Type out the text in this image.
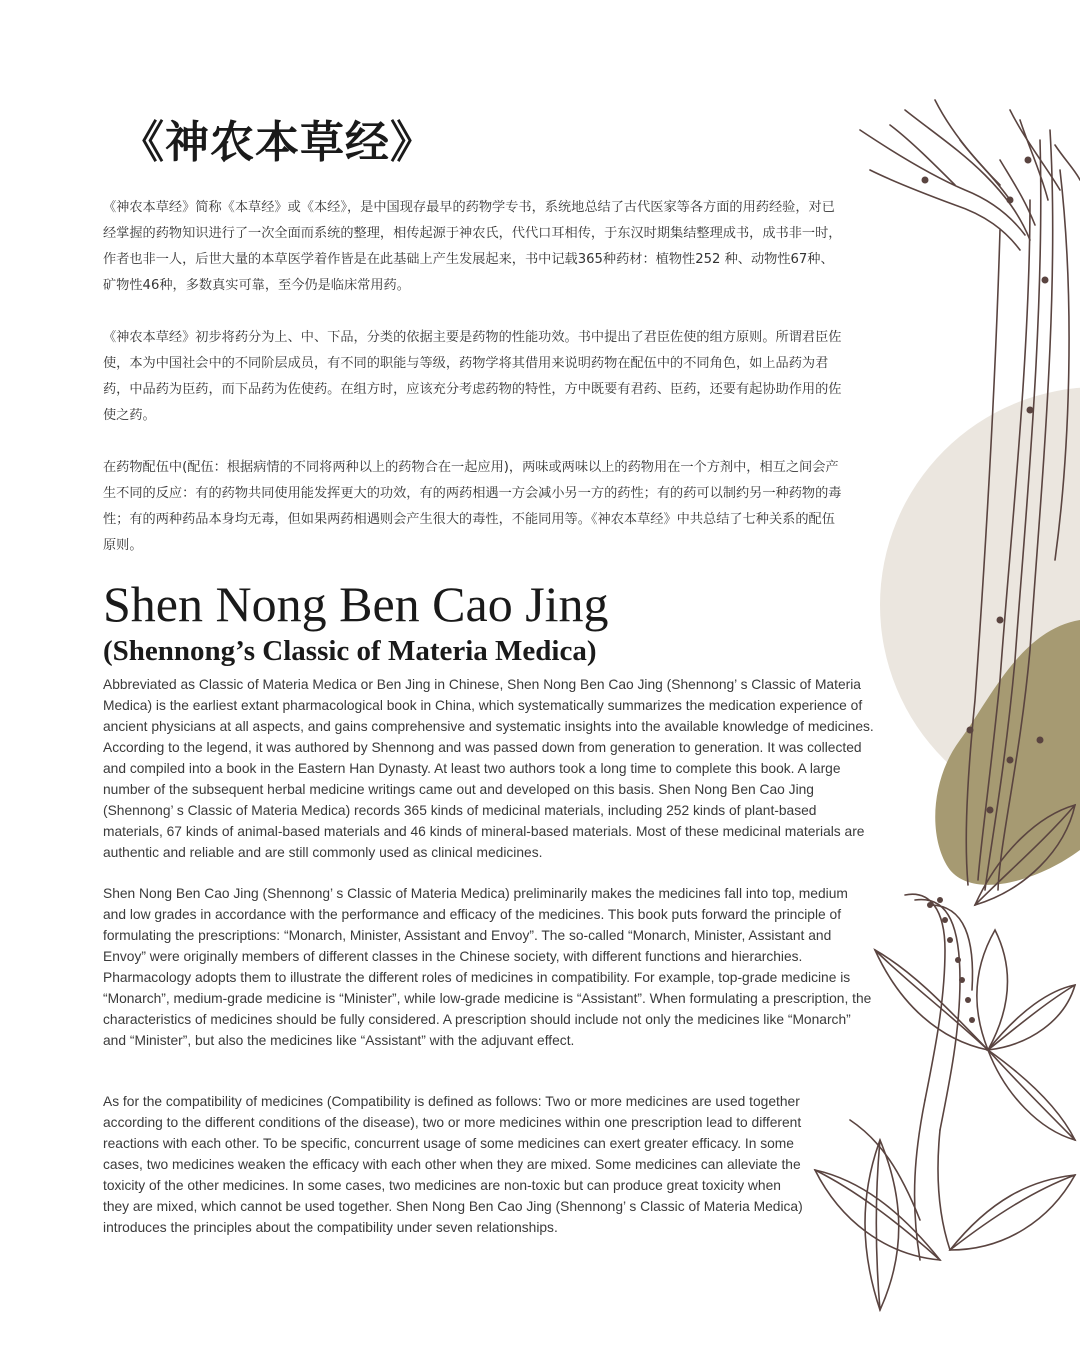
《神农本草经》

《神农本草经》简称《本草经》或《本经》，是中国现存最早的药物学专书，系统地总结了古代医家等各方面的用药经验，对已经掌握的药物知识进行了一次全面而系统的整理，相传起源于神农氏，代代口耳相传，于东汉时期集结整理成书，成书非一时，作者也非一人，后世大量的本草医学着作皆是在此基础上产生发展起来，书中记载365种药材：植物性252 种、动物性67种、矿物性46种，多数真实可靠，至今仍是临床常用药。

《神农本草经》初步将药分为上、中、下品，分类的依据主要是药物的性能功效。书中提出了君臣佐使的组方原则。所谓君臣佐使，本为中国社会中的不同阶层成员，有不同的职能与等级，药物学将其借用来说明药物在配伍中的不同角色，如上品药为君药，中品药为臣药，而下品药为佐使药。在组方时，应该充分考虑药物的特性，方中既要有君药、臣药，还要有起协助作用的佐使之药。

在药物配伍中(配伍：根据病情的不同将两种以上的药物合在一起应用)，两味或两味以上的药物用在一个方剂中，相互之间会产生不同的反应：有的药物共同使用能发挥更大的功效，有的两药相遇一方会减小另一方的药性；有的药可以制约另一种药物的毒性；有的两种药品本身均无毒，但如果两药相遇则会产生很大的毒性，不能同用等。《神农本草经》中共总结了七种关系的配伍原则。

Shen Nong Ben Cao Jing
(Shennong’s Classic of Materia Medica)

Abbreviated as Classic of Materia Medica or Ben Jing in Chinese, Shen Nong Ben Cao Jing (Shennong’ s Classic of Materia Medica) is the earliest extant pharmacological book in China, which systematically summarizes the medication experience of ancient physicians at all aspects, and gains comprehensive and systematic insights into the available knowledge of medicines. According to the legend, it was authored by Shennong and was passed down from generation to generation. It was collected and compiled into a book in the Eastern Han Dynasty. At least two authors took a long time to complete this book. A large number of the subsequent herbal medicine writings came out and developed on this basis. Shen Nong Ben Cao Jing (Shennong’ s Classic of Materia Medica) records 365 kinds of medicinal materials, including 252 kinds of plant-based materials, 67 kinds of animal-based materials and 46 kinds of mineral-based materials. Most of these medicinal materials are authentic and reliable and are still commonly used as clinical medicines.

Shen Nong Ben Cao Jing (Shennong’ s Classic of Materia Medica) preliminarily makes the medicines fall into top, medium and low grades in accordance with the performance and efficacy of the medicines. This book puts forward the principle of formulating the prescriptions: “Monarch, Minister, Assistant and Envoy”. The so-called “Monarch, Minister, Assistant and Envoy” were originally members of different classes in the Chinese society, with different functions and hierarchies. Pharmacology adopts them to illustrate the different roles of medicines in compatibility. For example, top-grade medicine is “Monarch”, medium-grade medicine is “Minister”, while low-grade medicine is “Assistant”. When formulating a prescription, the characteristics of medicines should be fully considered. A prescription should include not only the medicines like “Monarch” and “Minister”, but also the medicines like “Assistant” with the adjuvant effect.

As for the compatibility of medicines (Compatibility is defined as follows: Two or more medicines are used together according to the different conditions of the disease), two or more medicines within one prescription lead to different reactions with each other. To be specific, concurrent usage of some medicines can exert greater efficacy. In some cases, two medicines weaken the efficacy with each other when they are mixed. Some medicines can alleviate the toxicity of the other medicines. In some cases, two medicines are non-toxic but can produce great toxicity when they are mixed, which cannot be used together. Shen Nong Ben Cao Jing (Shennong’ s Classic of Materia Medica) introduces the principles about the compatibility under seven relationships.
